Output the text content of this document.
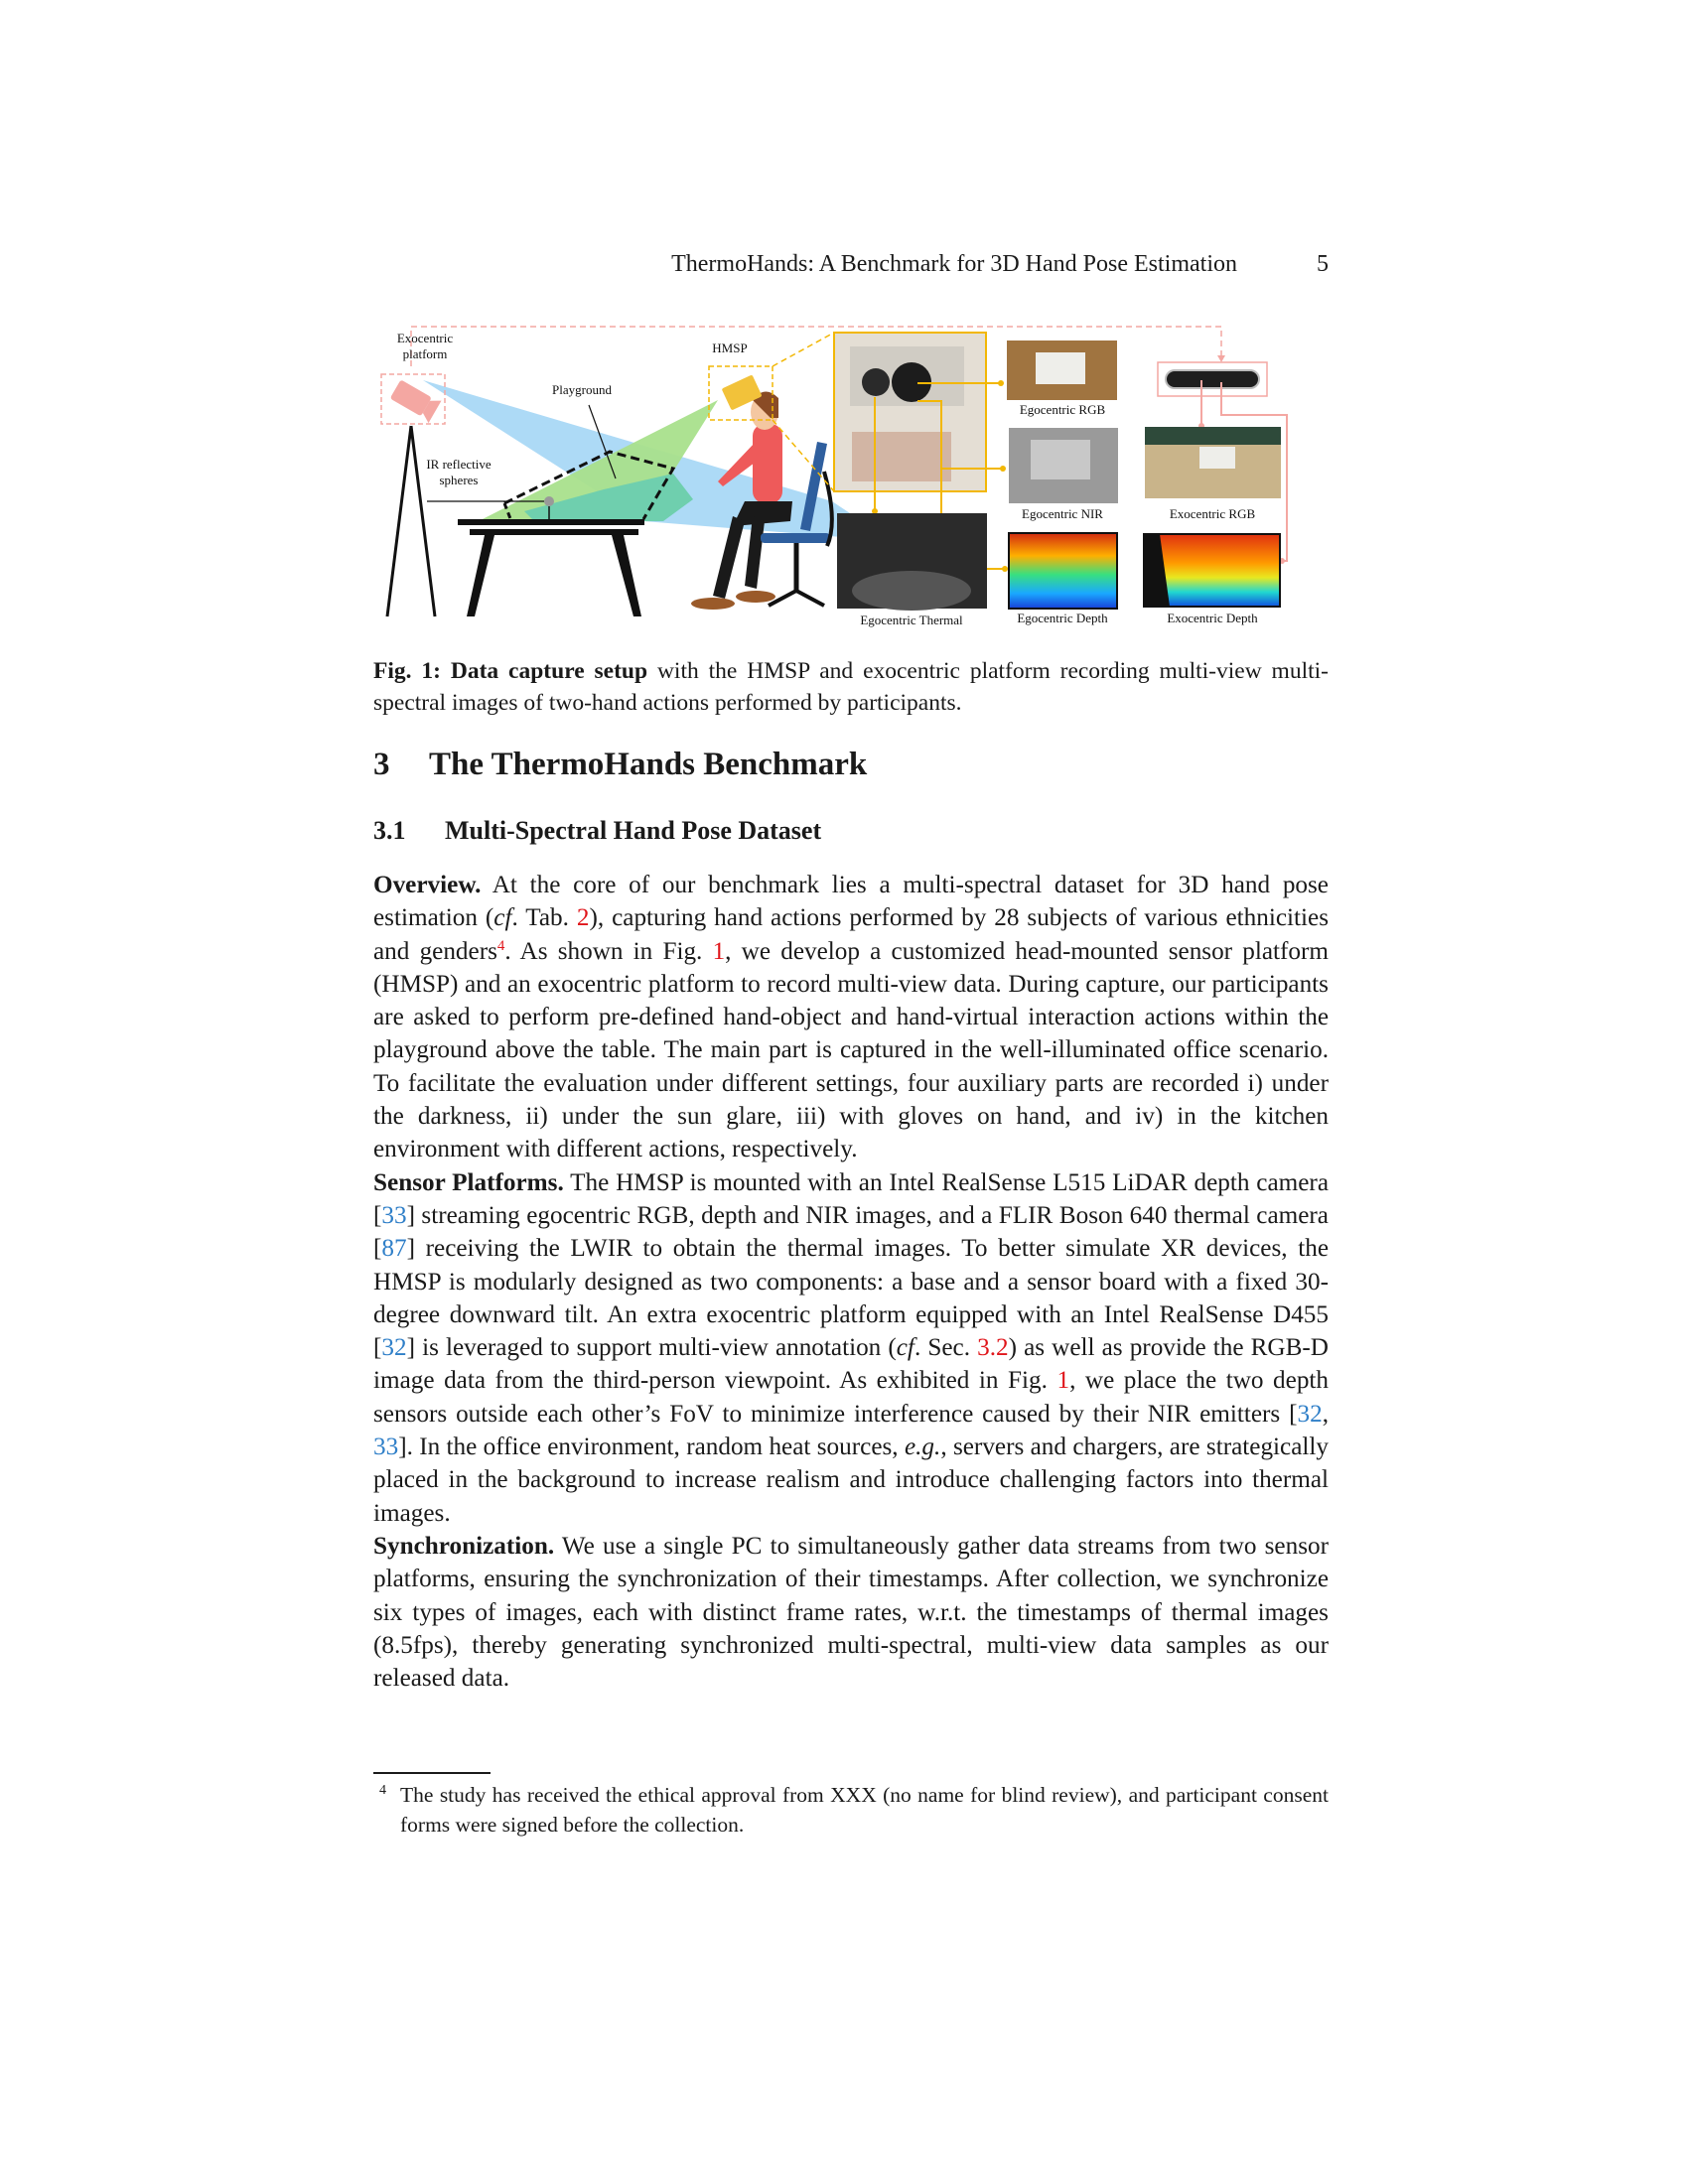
ThermoHands: A Benchmark for 3D Hand Pose Estimation	5
Egocentric Thermal
Egocentric RGB
Egocentric NIR
Egocentric Depth
Exocentric RGB
Exocentric Depth
Exocentric
platform
Playground
HMSP
IR reflective
spheres
Fig. 1: Data capture setup with the HMSP and exocentric platform recording multi-view multi-spectral images of two-hand actions performed by participants.
3 The ThermoHands Benchmark
3.1 Multi-Spectral Hand Pose Dataset

Overview. At the core of our benchmark lies a multi-spectral dataset for 3D hand pose estimation (cf. Tab. 2), capturing hand actions performed by 28 subjects of various ethnicities and genders$^4$. As shown in Fig. 1, we develop a customized head-mounted sensor platform (HMSP) and an exocentric platform to record multi-view data. During capture, our participants are asked to perform pre-defined hand-object and hand-virtual interaction actions within the playground above the table. The main part is captured in the well-illuminated office scenario. To facilitate the evaluation under different settings, four auxiliary parts are recorded i) under the darkness, ii) under the sun glare, iii) with gloves on hand, and iv) in the kitchen environment with different actions, respectively.

Sensor Platforms. The HMSP is mounted with an Intel RealSense L515 LiDAR depth camera [33] streaming egocentric RGB, depth and NIR images, and a FLIR Boson 640 thermal camera [87] receiving the LWIR to obtain the thermal images. To better simulate XR devices, the HMSP is modularly designed as two components: a base and a sensor board with a fixed 30-degree downward tilt. An extra exocentric platform equipped with an Intel RealSense D455 [32] is leveraged to support multi-view annotation (cf. Sec. 3.2) as well as provide the RGB-D image data from the third-person viewpoint. As exhibited in Fig. 1, we place the two depth sensors outside each other’s FoV to minimize interference caused by their NIR emitters [32, 33]. In the office environment, random heat sources, e.g., servers and chargers, are strategically placed in the background to increase realism and introduce challenging factors into thermal images.

Synchronization. We use a single PC to simultaneously gather data streams from two sensor platforms, ensuring the synchronization of their timestamps. After collection, we synchronize six types of images, each with distinct frame rates, w.r.t. the timestamps of thermal images (8.5fps), thereby generating synchronized multi-spectral, multi-view data samples as our released data.

4 The study has received the ethical approval from XXX (no name for blind review), and participant consent forms were signed before the collection.
